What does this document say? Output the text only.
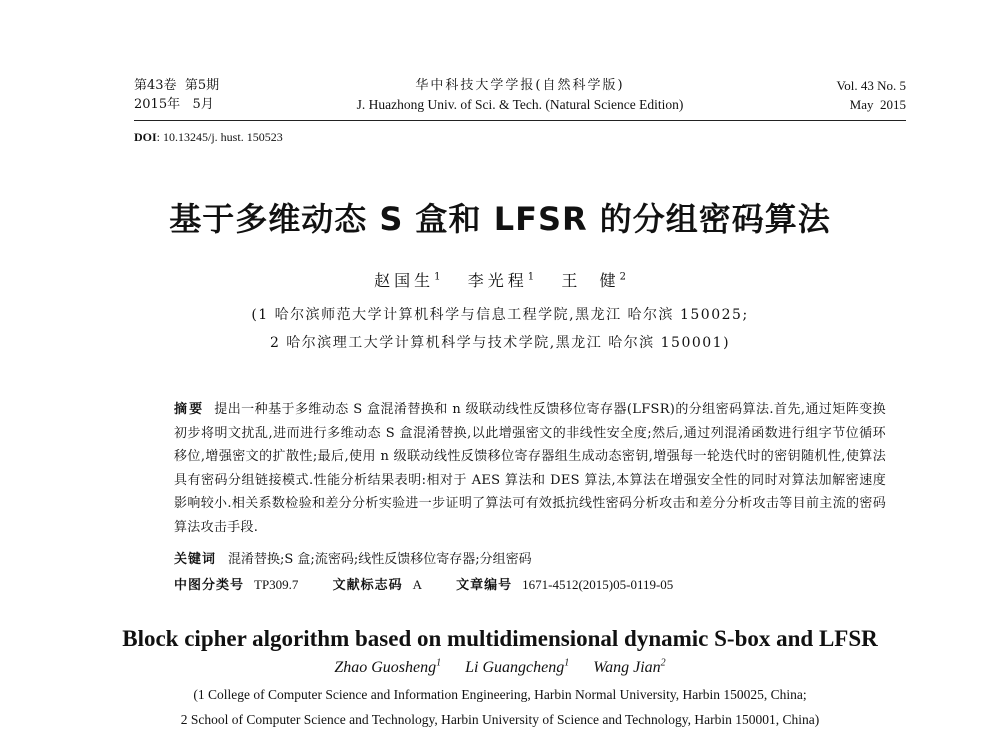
第43卷 第5期
2015年 5月
华中科技大学学报(自然科学版)
J. Huazhong Univ. of Sci. & Tech. (Natural Science Edition)
Vol. 43 No. 5
May  2015
DOI: 10.13245/j. hust. 150523
基于多维动态 S 盒和 LFSR 的分组密码算法
赵国生$^1$ 李光程$^1$ 王  健$^2$
(1 哈尔滨师范大学计算机科学与信息工程学院,黑龙江 哈尔滨 150025;
2 哈尔滨理工大学计算机科学与技术学院,黑龙江 哈尔滨 150001)
摘要 提出一种基于多维动态 S 盒混淆替换和 n 级联动线性反馈移位寄存器(LFSR)的分组密码算法.首先,通过矩阵变换初步将明文扰乱,进而进行多维动态 S 盒混淆替换,以此增强密文的非线性安全度;然后,通过列混淆函数进行组字节位循环移位,增强密文的扩散性;最后,使用 n 级联动线性反馈移位寄存器组生成动态密钥,增强每一轮迭代时的密钥随机性,使算法具有密码分组链接模式.性能分析结果表明:相对于 AES 算法和 DES 算法,本算法在增强安全性的同时对算法加解密速度影响较小.相关系数检验和差分分析实验进一步证明了算法可有效抵抗线性密码分析攻击和差分分析攻击等目前主流的密码算法攻击手段.
关键词 混淆替换;S 盒;流密码;线性反馈移位寄存器;分组密码
中图分类号 TP309.7	文献标志码 A	文章编号 1671-4512(2015)05-0119-05
Block cipher algorithm based on multidimensional dynamic S-box and LFSR
Zhao Guosheng$^1$ Li Guangcheng$^1$ Wang Jian$^2$
(1 College of Computer Science and Information Engineering, Harbin Normal University, Harbin 150025, China;
2 School of Computer Science and Technology, Harbin University of Science and Technology, Harbin 150001, China)
